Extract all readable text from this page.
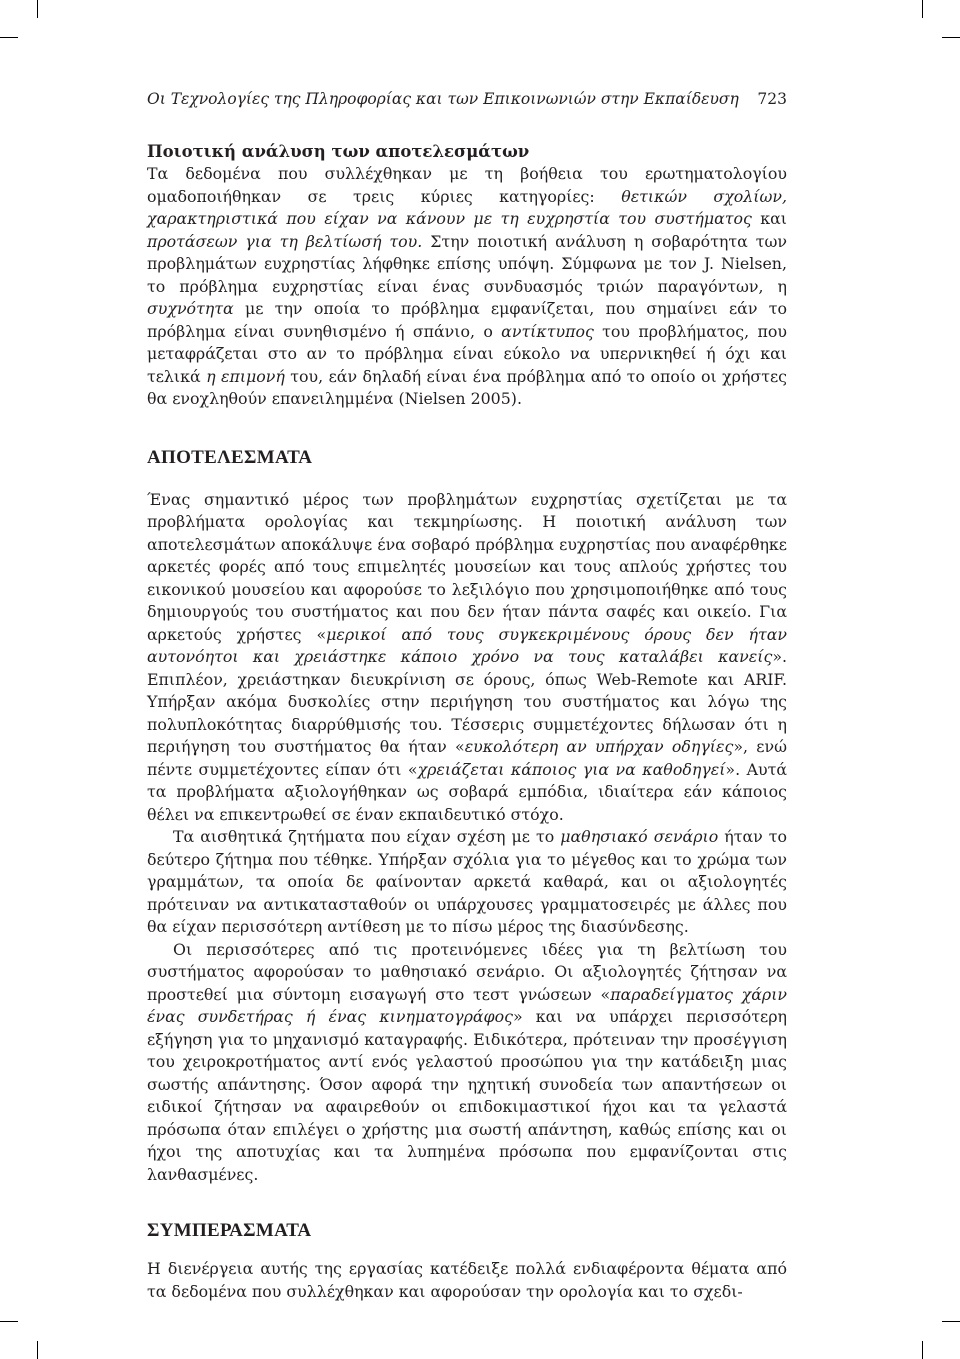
Οι Τεχνολογίες της Πληροφορίας και των Επικοινωνιών στην Εκπαίδευση 723
Ποιοτική ανάλυση των αποτελεσμάτων

Τα δεδομένα που συλλέχθηκαν με τη βοήθεια του ερωτηματολογίου ομαδοποιήθηκαν σε τρεις κύριες κατηγορίες: θετικών σχολίων, χαρακτηριστικά που είχαν να κάνουν με τη ευχρηστία του συστήματος και προτάσεων για τη βελτίωσή του. Στην ποιοτική ανάλυση η σοβαρότητα των προβλημάτων ευχρηστίας λήφθηκε επίσης υπόψη. Σύμφωνα με τον J. Nielsen, το πρόβλημα ευχρηστίας είναι ένας συνδυασμός τριών παραγόντων, η συχνότητα με την οποία το πρόβλημα εμφανίζεται, που σημαίνει εάν το πρόβλημα είναι συνηθισμένο ή σπάνιο, ο αντίκτυπος του προβλήματος, που μεταφράζεται στο αν το πρόβλημα είναι εύκολο να υπερνικηθεί ή όχι και τελικά η επιμονή του, εάν δηλαδή είναι ένα πρόβλημα από το οποίο οι χρήστες θα ενοχληθούν επανειλημμένα (Nielsen 2005).

ΑΠΟΤΕΛΕΣΜΑΤΑ

Ένας σημαντικό μέρος των προβλημάτων ευχρηστίας σχετίζεται με τα προβλήματα ορολογίας και τεκμηρίωσης. Η ποιοτική ανάλυση των αποτελεσμάτων αποκάλυψε ένα σοβαρό πρόβλημα ευχρηστίας που αναφέρθηκε αρκετές φορές από τους επιμελητές μουσείων και τους απλούς χρήστες του εικονικού μουσείου και αφορούσε το λεξιλόγιο που χρησιμοποιήθηκε από τους δημιουργούς του συστήματος και που δεν ήταν πάντα σαφές και οικείο. Για αρκετούς χρήστες «μερικοί από τους συγκεκριμένους όρους δεν ήταν αυτονόητοι και χρειάστηκε κάποιο χρόνο να τους καταλάβει κανείς». Επιπλέον, χρειάστηκαν διευκρίνιση σε όρους, όπως Web-Remote και ARIF. Υπήρξαν ακόμα δυσκολίες στην περιήγηση του συστήματος και λόγω της πολυπλοκότητας διαρρύθμισής του. Τέσσερις συμμετέχοντες δήλωσαν ότι η περιήγηση του συστήματος θα ήταν «ευκολότερη αν υπήρχαν οδηγίες», ενώ πέντε συμμετέχοντες είπαν ότι «χρειάζεται κάποιος για να καθοδηγεί». Αυτά τα προβλήματα αξιολογήθηκαν ως σοβαρά εμπόδια, ιδιαίτερα εάν κάποιος θέλει να επικεντρωθεί σε έναν εκπαιδευτικό στόχο.

Τα αισθητικά ζητήματα που είχαν σχέση με το μαθησιακό σενάριο ήταν το δεύτερο ζήτημα που τέθηκε. Υπήρξαν σχόλια για το μέγεθος και το χρώμα των γραμμάτων, τα οποία δε φαίνονταν αρκετά καθαρά, και οι αξιολογητές πρότειναν να αντικατασταθούν οι υπάρχουσες γραμματοσειρές με άλλες που θα είχαν περισσότερη αντίθεση με το πίσω μέρος της διασύνδεσης.

Οι περισσότερες από τις προτεινόμενες ιδέες για τη βελτίωση του συστήματος αφορούσαν το μαθησιακό σενάριο. Οι αξιολογητές ζήτησαν να προστεθεί μια σύντομη εισαγωγή στο τεστ γνώσεων «παραδείγματος χάριν ένας συνδετήρας ή ένας κινηματογράφος» και να υπάρχει περισσότερη εξήγηση για το μηχανισμό καταγραφής. Ειδικότερα, πρότειναν την προσέγγιση του χειροκροτήματος αντί ενός γελαστού προσώπου για την κατάδειξη μιας σωστής απάντησης. Όσον αφορά την ηχητική συνοδεία των απαντήσεων οι ειδικοί ζήτησαν να αφαιρεθούν οι επιδοκιμαστικοί ήχοι και τα γελαστά πρόσωπα όταν επιλέγει ο χρήστης μια σωστή απάντηση, καθώς επίσης και οι ήχοι της αποτυχίας και τα λυπημένα πρόσωπα που εμφανίζονται στις λανθασμένες.

ΣΥΜΠΕΡΑΣΜΑΤΑ

Η διενέργεια αυτής της εργασίας κατέδειξε πολλά ενδιαφέροντα θέματα από τα δεδομένα που συλλέχθηκαν και αφορούσαν την ορολογία και το σχεδι-
